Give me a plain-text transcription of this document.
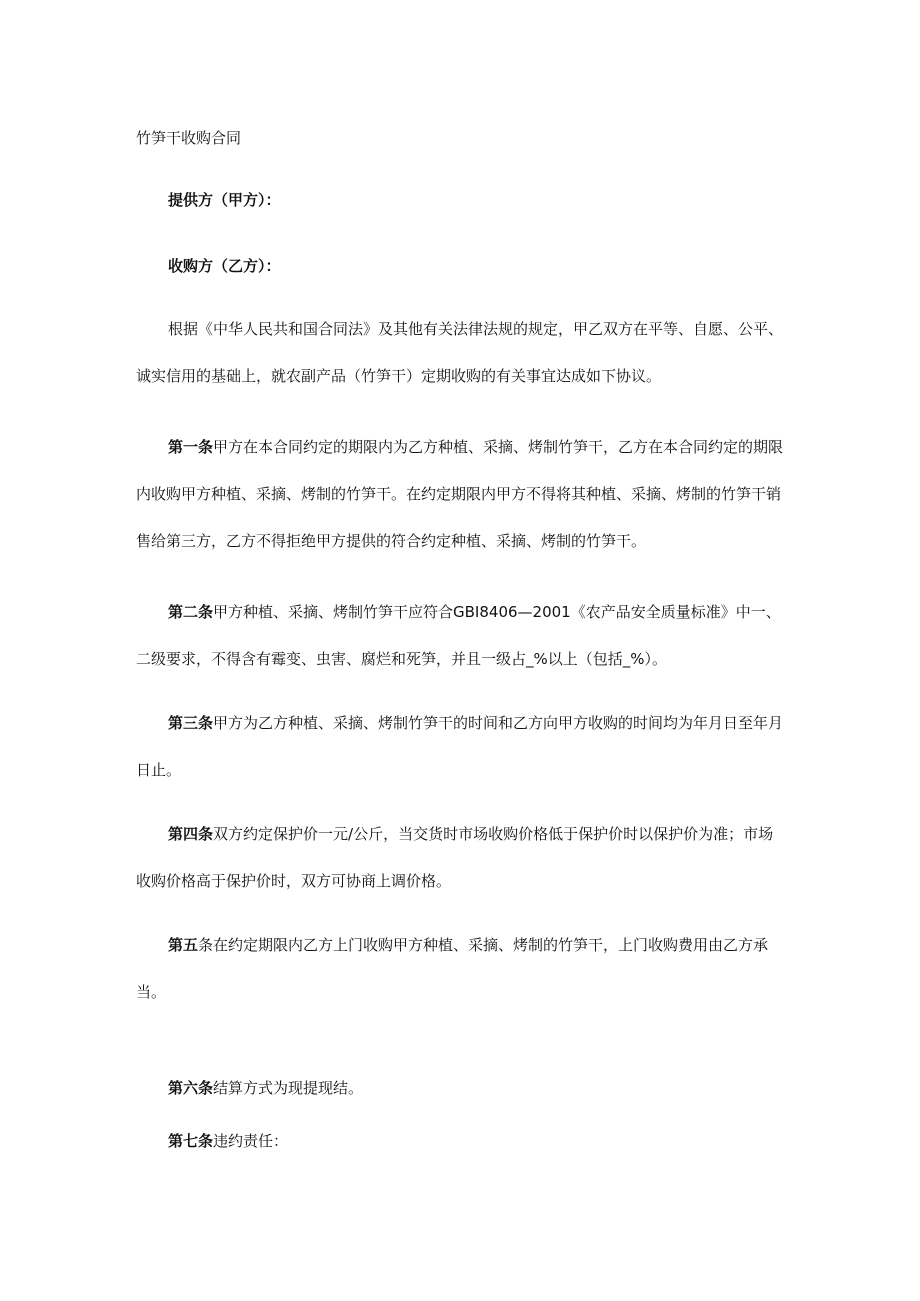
竹笋干收购合同

提供方（甲方）：

收购方（乙方）：

根据《中华人民共和国合同法》及其他有关法律法规的规定，甲乙双方在平等、自愿、公平、诚实信用的基础上，就农副产品（竹笋干）定期收购的有关事宜达成如下协议。

第一条甲方在本合同约定的期限内为乙方种植、采摘、烤制竹笋干，乙方在本合同约定的期限内收购甲方种植、采摘、烤制的竹笋干。在约定期限内甲方不得将其种植、采摘、烤制的竹笋干销售给第三方，乙方不得拒绝甲方提供的符合约定种植、采摘、烤制的竹笋干。

第二条甲方种植、采摘、烤制竹笋干应符合GBI8406—2001《农产品安全质量标准》中一、二级要求，不得含有霉变、虫害、腐烂和死笋，并且一级占_%以上（包括_%）。

第三条甲方为乙方种植、采摘、烤制竹笋干的时间和乙方向甲方收购的时间均为年月日至年月日止。

第四条双方约定保护价一元/公斤，当交货时市场收购价格低于保护价时以保护价为准；市场收购价格高于保护价时，双方可协商上调价格。

第五条在约定期限内乙方上门收购甲方种植、采摘、烤制的竹笋干，上门收购费用由乙方承当。

第六条结算方式为现提现结。

第七条违约责任：
